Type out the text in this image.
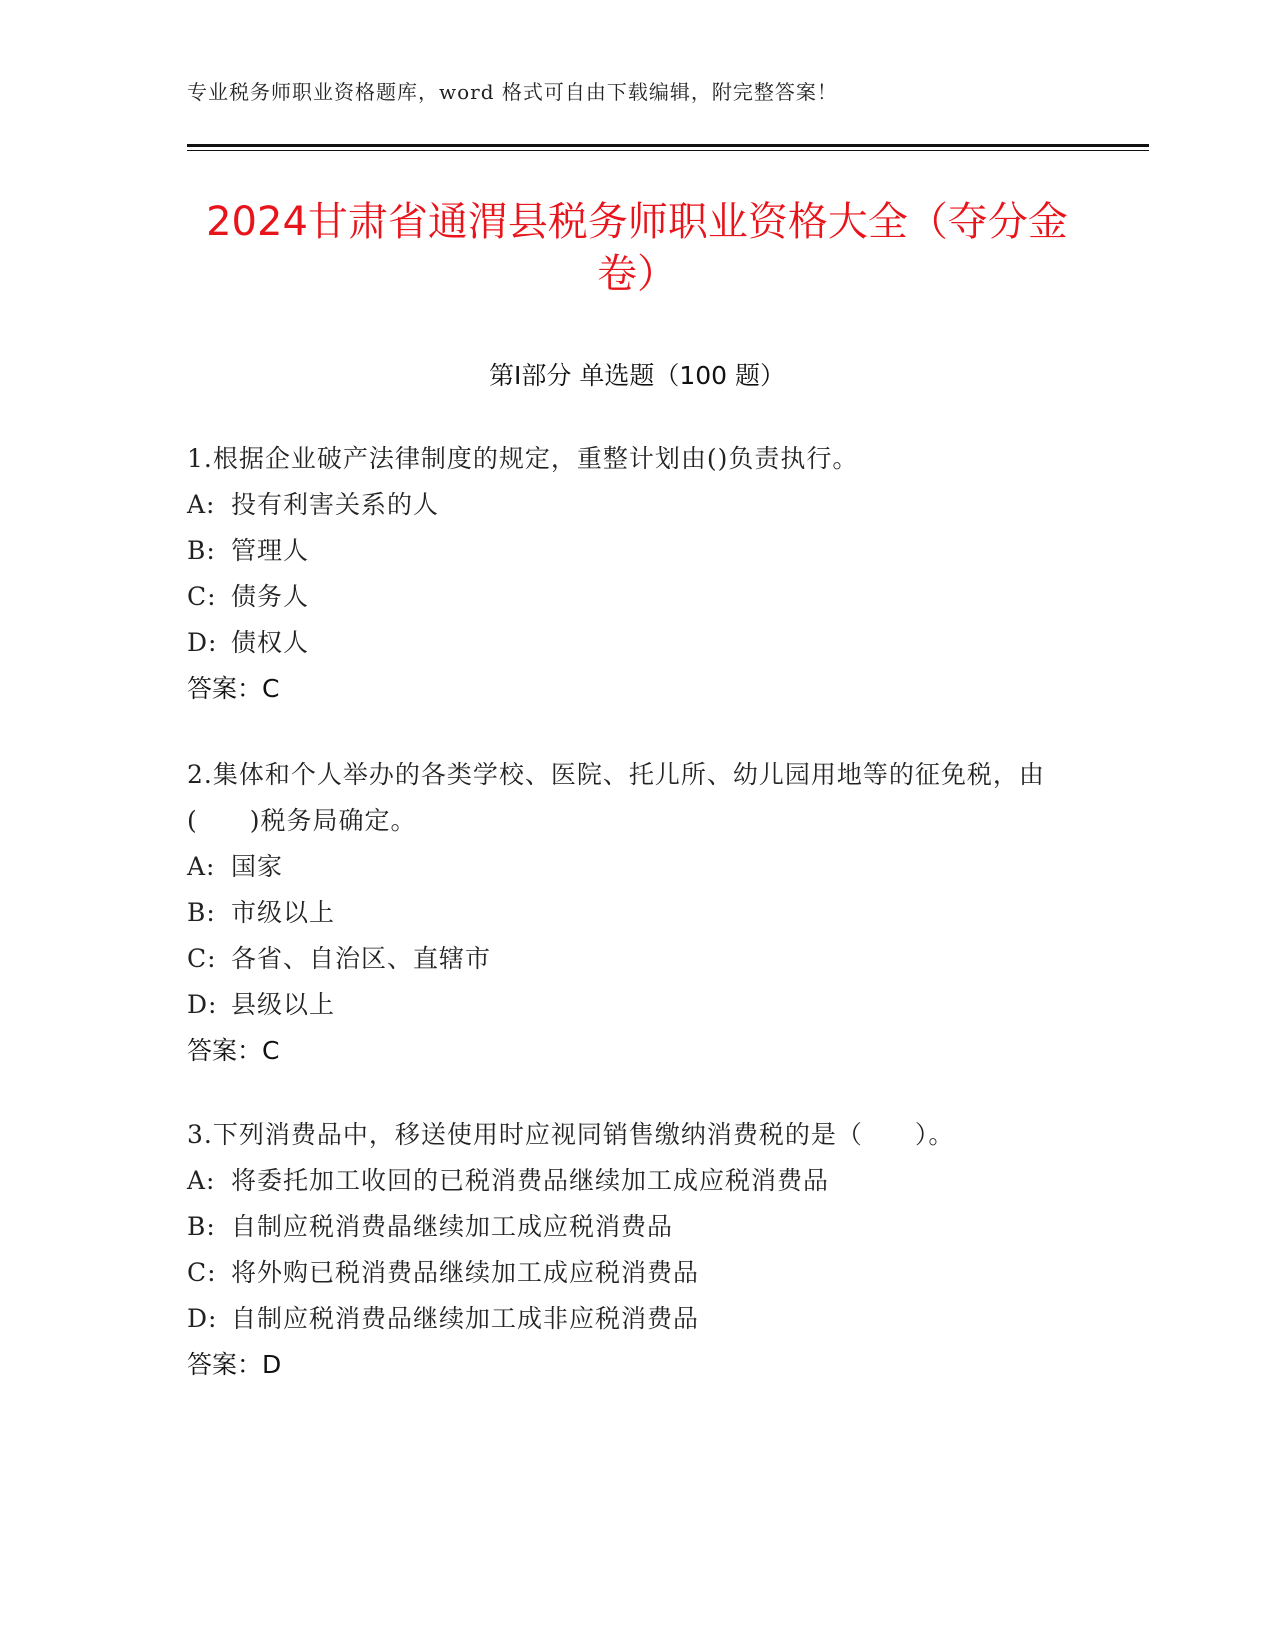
专业税务师职业资格题库，word 格式可自由下载编辑，附完整答案！
2024甘肃省通渭县税务师职业资格大全（夺分金卷）
第Ⅰ部分 单选题（100 题）
1.根据企业破产法律制度的规定，重整计划由()负责执行。
A: 投有利害关系的人
B: 管理人
C: 债务人
D: 债权人
答案：C
2.集体和个人举办的各类学校、医院、托儿所、幼儿园用地等的征免税，由(　　)税务局确定。
A: 国家
B: 市级以上
C: 各省、自治区、直辖市
D: 县级以上
答案：C
3.下列消费品中，移送使用时应视同销售缴纳消费税的是（　　）。
A: 将委托加工收回的已税消费品继续加工成应税消费品
B: 自制应税消费晶继续加工成应税消费品
C: 将外购已税消费品继续加工成应税消费品
D: 自制应税消费品继续加工成非应税消费品
答案：D
